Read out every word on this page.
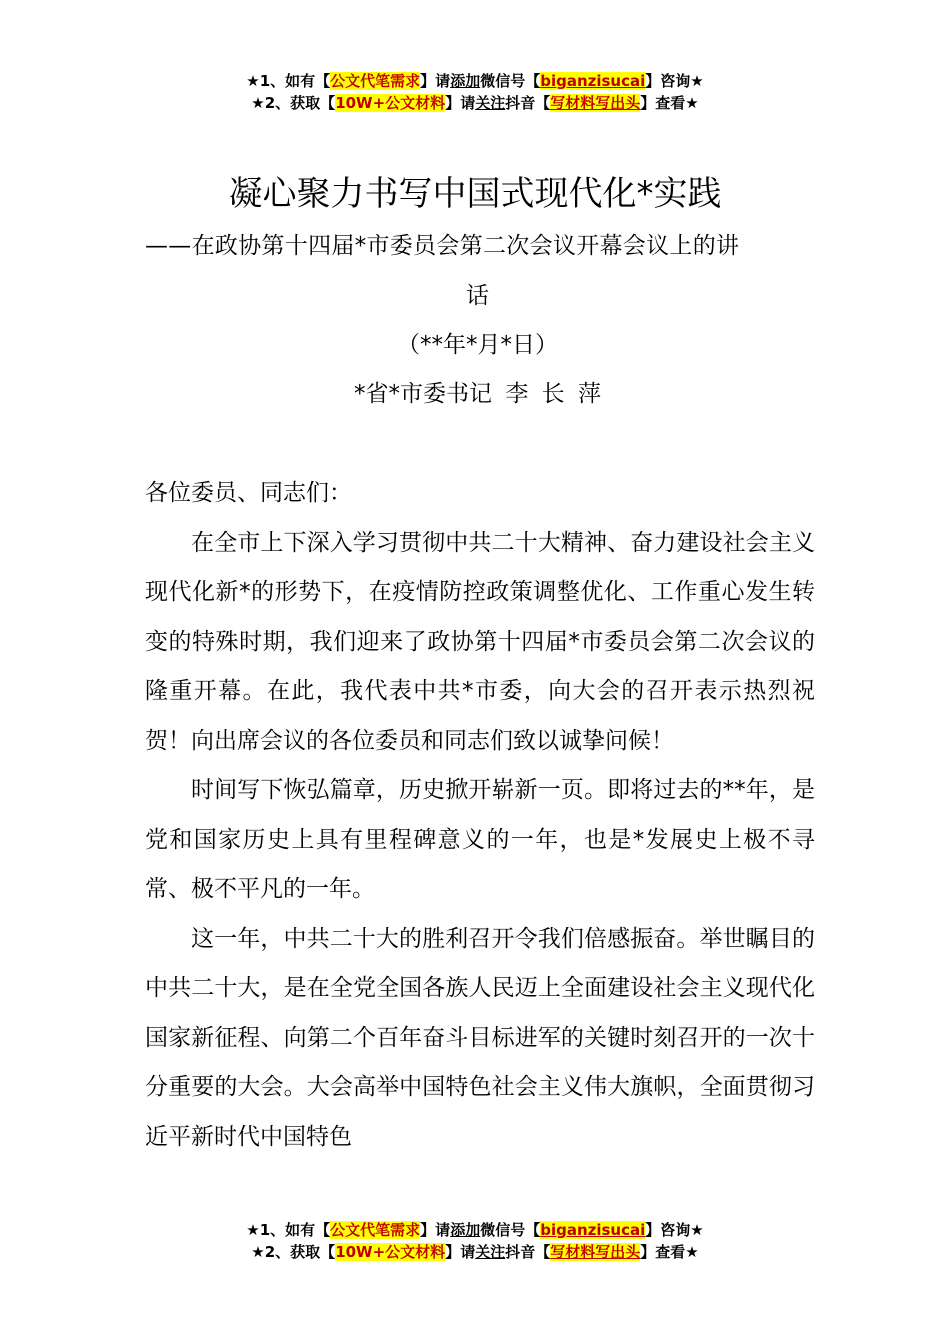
★1、如有【公文代笔需求】请添加微信号【biganzisucai】咨询★
★2、获取【10W+公文材料】请关注抖音【写材料写出头】查看★
凝心聚力书写中国式现代化*实践
——在政协第十四届*市委员会第二次会议开幕会议上的讲
话
（**年*月*日）
*省*市委书记 李 长 萍

各位委员、同志们：

在全市上下深入学习贯彻中共二十大精神、奋力建设社会主义现代化新*的形势下，在疫情防控政策调整优化、工作重心发生转变的特殊时期，我们迎来了政协第十四届*市委员会第二次会议的隆重开幕。在此，我代表中共*市委，向大会的召开表示热烈祝贺！向出席会议的各位委员和同志们致以诚挚问候！

时间写下恢弘篇章，历史掀开崭新一页。即将过去的**年，是党和国家历史上具有里程碑意义的一年，也是*发展史上极不寻常、极不平凡的一年。

这一年，中共二十大的胜利召开令我们倍感振奋。举世瞩目的中共二十大，是在全党全国各族人民迈上全面建设社会主义现代化国家新征程、向第二个百年奋斗目标进军的关键时刻召开的一次十分重要的大会。大会高举中国特色社会主义伟大旗帜，全面贯彻习近平新时代中国特色

★1、如有【公文代笔需求】请添加微信号【biganzisucai】咨询★
★2、获取【10W+公文材料】请关注抖音【写材料写出头】查看★
